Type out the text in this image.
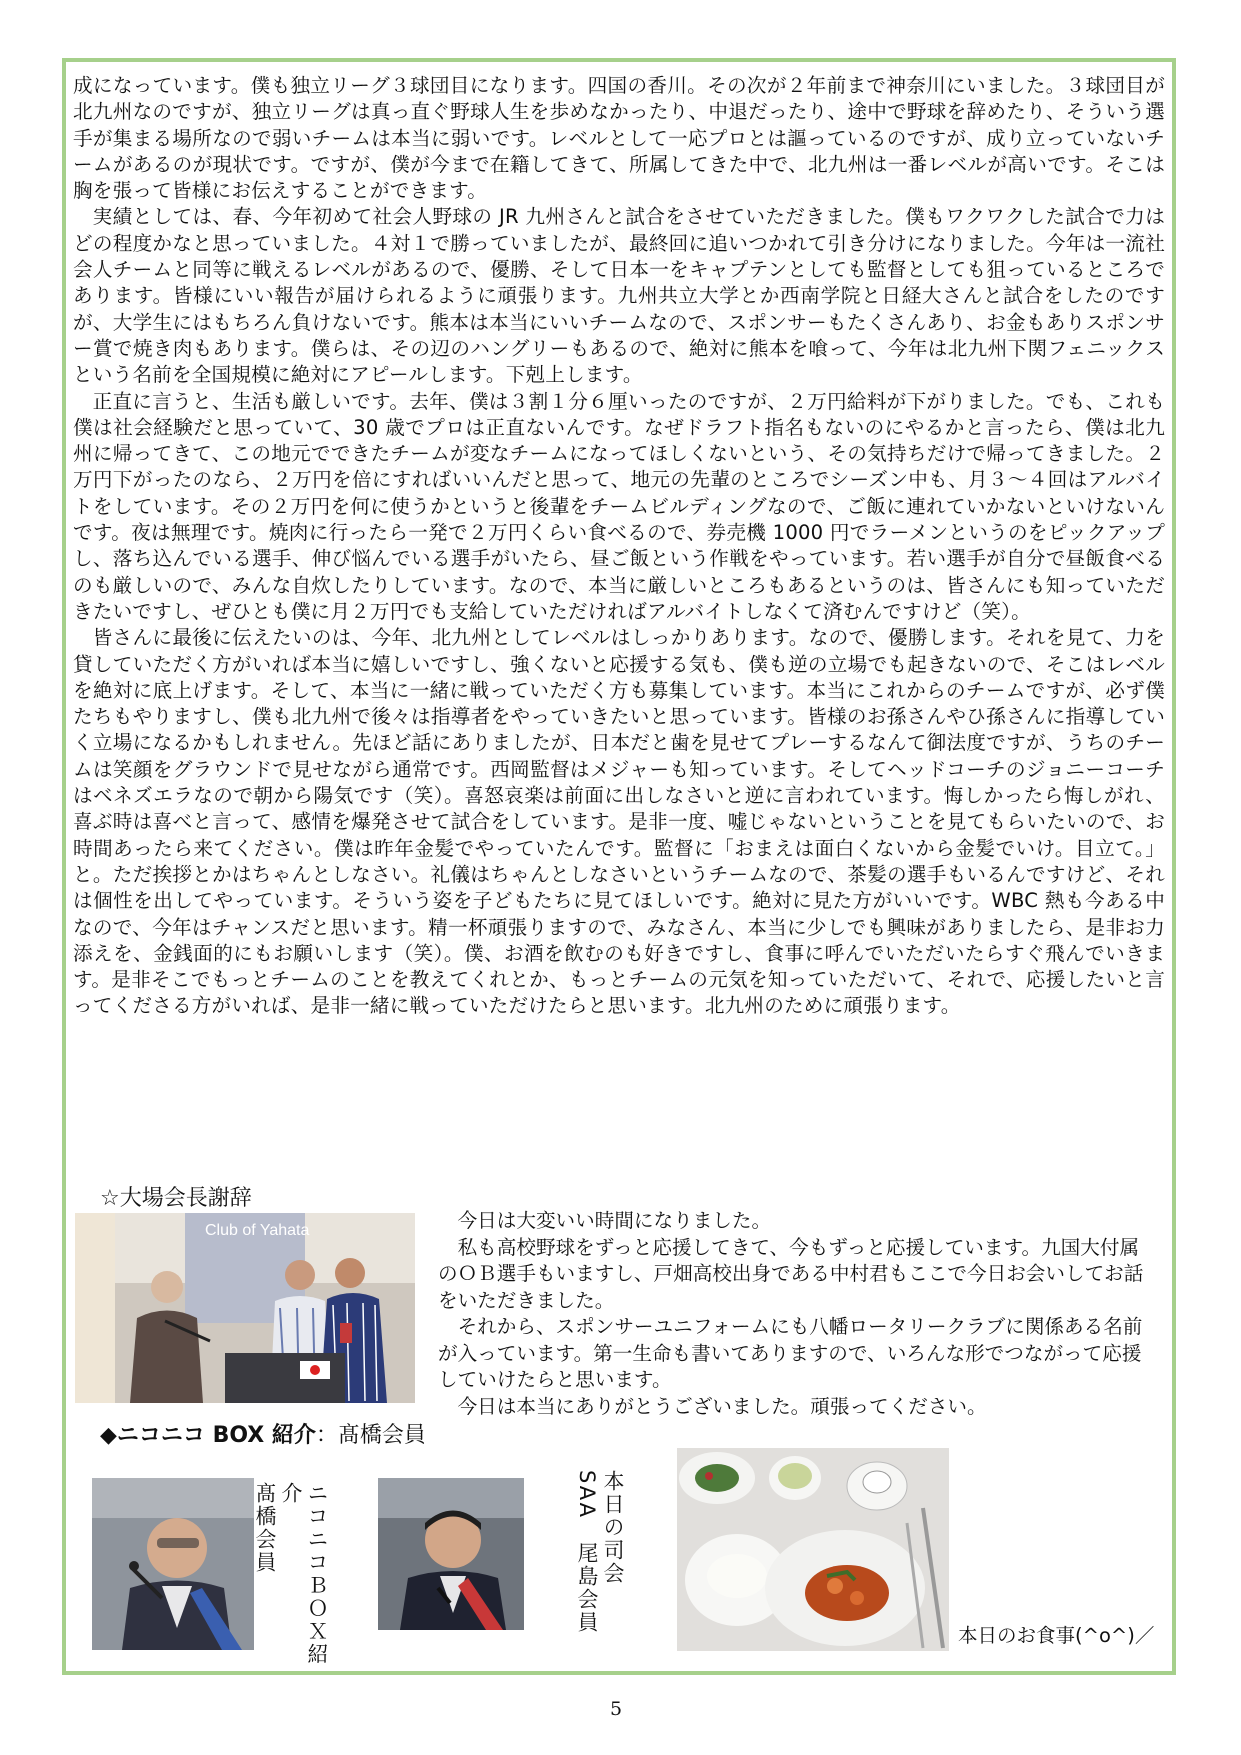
成になっています。僕も独立リーグ３球団目になります。四国の香川。その次が２年前まで神奈川にいました。３球団目が北九州なのですが、独立リーグは真っ直ぐ野球人生を歩めなかったり、中退だったり、途中で野球を辞めたり、そういう選手が集まる場所なので弱いチームは本当に弱いです。レベルとして一応プロとは謳っているのですが、成り立っていないチームがあるのが現状です。ですが、僕が今まで在籍してきて、所属してきた中で、北九州は一番レベルが高いです。そこは胸を張って皆様にお伝えすることができます。

実績としては、春、今年初めて社会人野球の JR 九州さんと試合をさせていただきました。僕もワクワクした試合で力はどの程度かなと思っていました。４対１で勝っていましたが、最終回に追いつかれて引き分けになりました。今年は一流社会人チームと同等に戦えるレベルがあるので、優勝、そして日本一をキャプテンとしても監督としても狙っているところであります。皆様にいい報告が届けられるように頑張ります。九州共立大学とか西南学院と日経大さんと試合をしたのですが、大学生にはもちろん負けないです。熊本は本当にいいチームなので、スポンサーもたくさんあり、お金もありスポンサー賞で焼き肉もあります。僕らは、その辺のハングリーもあるので、絶対に熊本を喰って、今年は北九州下関フェニックスという名前を全国規模に絶対にアピールします。下剋上します。

正直に言うと、生活も厳しいです。去年、僕は３割１分６厘いったのですが、２万円給料が下がりました。でも、これも僕は社会経験だと思っていて、30 歳でプロは正直ないんです。なぜドラフト指名もないのにやるかと言ったら、僕は北九州に帰ってきて、この地元でできたチームが変なチームになってほしくないという、その気持ちだけで帰ってきました。２万円下がったのなら、２万円を倍にすればいいんだと思って、地元の先輩のところでシーズン中も、月３〜４回はアルバイトをしています。その２万円を何に使うかというと後輩をチームビルディングなので、ご飯に連れていかないといけないんです。夜は無理です。焼肉に行ったら一発で２万円くらい食べるので、券売機 1000 円でラーメンというのをピックアップし、落ち込んでいる選手、伸び悩んでいる選手がいたら、昼ご飯という作戦をやっています。若い選手が自分で昼飯食べるのも厳しいので、みんな自炊したりしています。なので、本当に厳しいところもあるというのは、皆さんにも知っていただきたいですし、ぜひとも僕に月２万円でも支給していただければアルバイトしなくて済むんですけど（笑）。

皆さんに最後に伝えたいのは、今年、北九州としてレベルはしっかりあります。なので、優勝します。それを見て、力を貸していただく方がいれば本当に嬉しいですし、強くないと応援する気も、僕も逆の立場でも起きないので、そこはレベルを絶対に底上げます。そして、本当に一緒に戦っていただく方も募集しています。本当にこれからのチームですが、必ず僕たちもやりますし、僕も北九州で後々は指導者をやっていきたいと思っています。皆様のお孫さんやひ孫さんに指導していく立場になるかもしれません。先ほど話にありましたが、日本だと歯を見せてプレーするなんて御法度ですが、うちのチームは笑顔をグラウンドで見せながら通常です。西岡監督はメジャーも知っています。そしてヘッドコーチのジョニーコーチはベネズエラなので朝から陽気です（笑）。喜怒哀楽は前面に出しなさいと逆に言われています。悔しかったら悔しがれ、喜ぶ時は喜べと言って、感情を爆発させて試合をしています。是非一度、嘘じゃないということを見てもらいたいので、お時間あったら来てください。僕は昨年金髪でやっていたんです。監督に「おまえは面白くないから金髪でいけ。目立て。」と。ただ挨拶とかはちゃんとしなさい。礼儀はちゃんとしなさいというチームなので、茶髪の選手もいるんですけど、それは個性を出してやっています。そういう姿を子どもたちに見てほしいです。絶対に見た方がいいです。WBC 熱も今ある中なので、今年はチャンスだと思います。精一杯頑張りますので、みなさん、本当に少しでも興味がありましたら、是非お力添えを、金銭面的にもお願いします（笑）。僕、お酒を飲むのも好きですし、食事に呼んでいただいたらすぐ飛んでいきます。是非そこでもっとチームのことを教えてくれとか、もっとチームの元気を知っていただいて、それで、応援したいと言ってくださる方がいれば、是非一緒に戦っていただけたらと思います。北九州のために頑張ります。

☆大場会長謝辞
Club of Yahata	今日は大変いい時間になりました。

私も高校野球をずっと応援してきて、今もずっと応援しています。九国大付属のＯＢ選手もいますし、戸畑高校出身である中村君もここで今日お会いしてお話をいただきました。

それから、スポンサーユニフォームにも八幡ロータリークラブに関係ある名前が入っています。第一生命も書いてありますので、いろんな形でつながって応援していけたらと思います。

今日は本当にありがとうございました。頑張ってください。

◆ニコニコ BOX 紹介：髙橋会員
ニコニコＢＯＸ紹介
髙橋会員	本日の司会
SAA　尾島会員
本日のお食事(^o^)／
5
